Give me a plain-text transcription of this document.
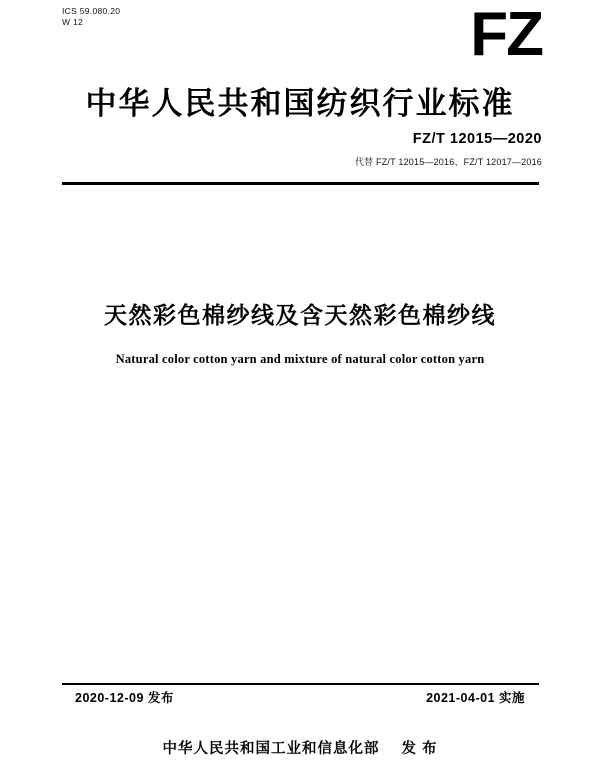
ICS 59.080.20
W 12	FZ
中华人民共和国纺织行业标准
FZ/T 12015—2020
代替 FZ/T 12015—2016、FZ/T 12017—2016
天然彩色棉纱线及含天然彩色棉纱线
Natural color cotton yarn and mixture of natural color cotton yarn
2020-12-09 发布	2021-04-01 实施
中华人民共和国工业和信息化部 发 布
